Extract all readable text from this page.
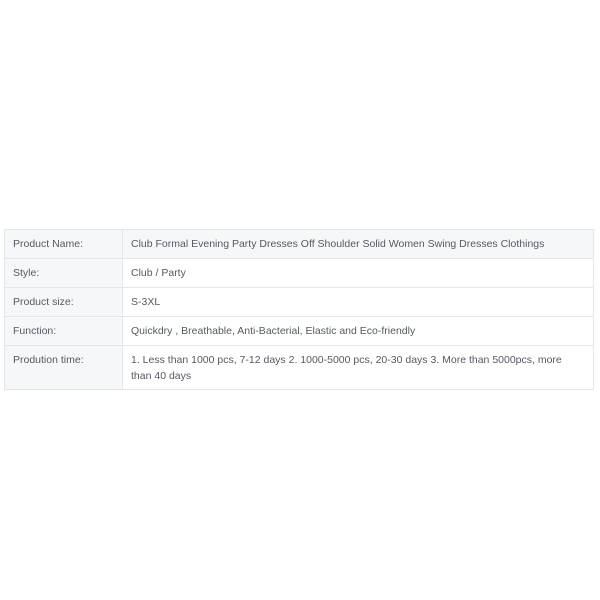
Product Name:	Club Formal Evening Party Dresses Off Shoulder Solid Women Swing Dresses Clothings
Style:	Club / Party
Product size:	S-3XL
Function:	Quickdry , Breathable, Anti-Bacterial, Elastic and Eco-friendly
Prodution time:	1. Less than 1000 pcs, 7-12 days 2. 1000-5000 pcs, 20-30 days 3. More than 5000pcs, more than 40 days
